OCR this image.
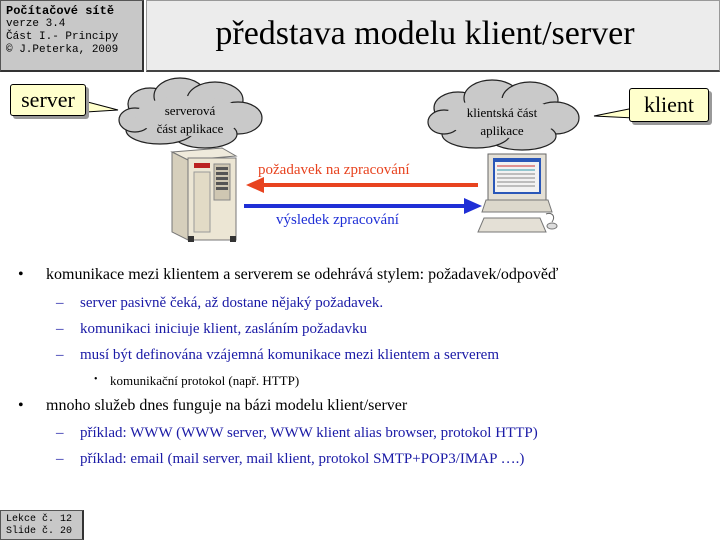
Počítačové sítě
verze 3.4
Část I.- Principy
© J.Peterka, 2009	představa modelu klient/server
server	klient
serverová
část aplikace
klientská část
aplikace
požadavek na zpracování
výsledek zpracování
• komunikace mezi klientem a serverem se odehrává stylem: požadavek/odpověď
– server pasivně čeká, až dostane nějaký požadavek.
– komunikaci iniciuje klient, zasláním požadavku
– musí být definována vzájemná komunikace mezi klientem a serverem
• komunikační protokol (např. HTTP)
• mnoho služeb dnes funguje na bázi modelu klient/server
– příklad: WWW (WWW server, WWW klient alias browser, protokol HTTP)
– příklad: email (mail server, mail klient, protokol SMTP+POP3/IMAP ….)
Lekce č. 12
Slide č. 20
